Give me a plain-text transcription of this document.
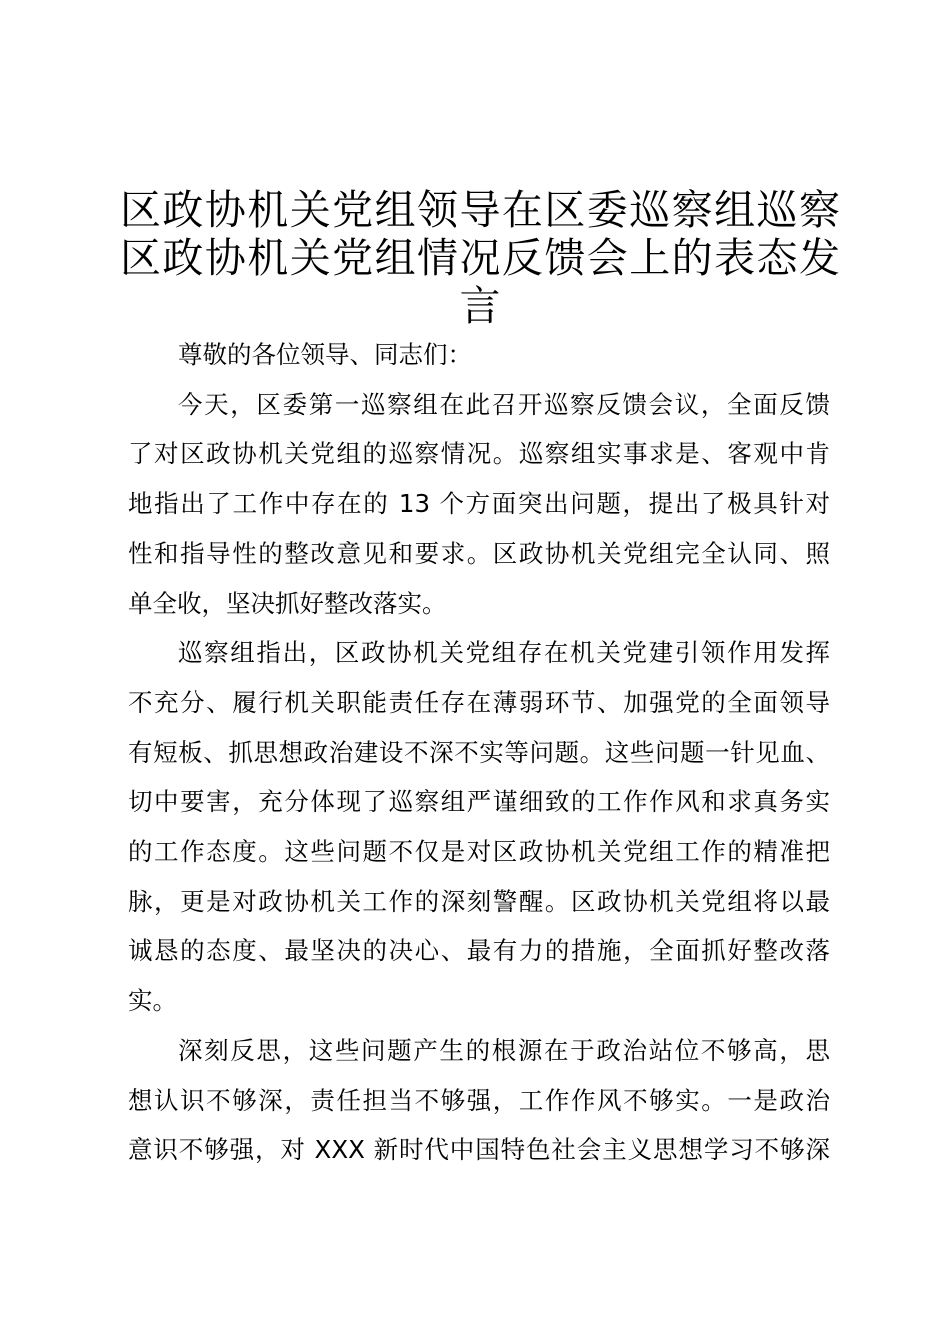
区政协机关党组领导在区委巡察组巡察
区政协机关党组情况反馈会上的表态发
言
尊敬的各位领导、同志们：
今天，区委第一巡察组在此召开巡察反馈会议，全面反馈
了对区政协机关党组的巡察情况。巡察组实事求是、客观中肯
地指出了工作中存在的 13 个方面突出问题，提出了极具针对
性和指导性的整改意见和要求。区政协机关党组完全认同、照
单全收，坚决抓好整改落实。
巡察组指出，区政协机关党组存在机关党建引领作用发挥
不充分、履行机关职能责任存在薄弱环节、加强党的全面领导
有短板、抓思想政治建设不深不实等问题。这些问题一针见血、
切中要害，充分体现了巡察组严谨细致的工作作风和求真务实
的工作态度。这些问题不仅是对区政协机关党组工作的精准把
脉，更是对政协机关工作的深刻警醒。区政协机关党组将以最
诚恳的态度、最坚决的决心、最有力的措施，全面抓好整改落
实。
深刻反思，这些问题产生的根源在于政治站位不够高，思
想认识不够深，责任担当不够强，工作作风不够实。一是政治
意识不够强，对 XXX 新时代中国特色社会主义思想学习不够深
